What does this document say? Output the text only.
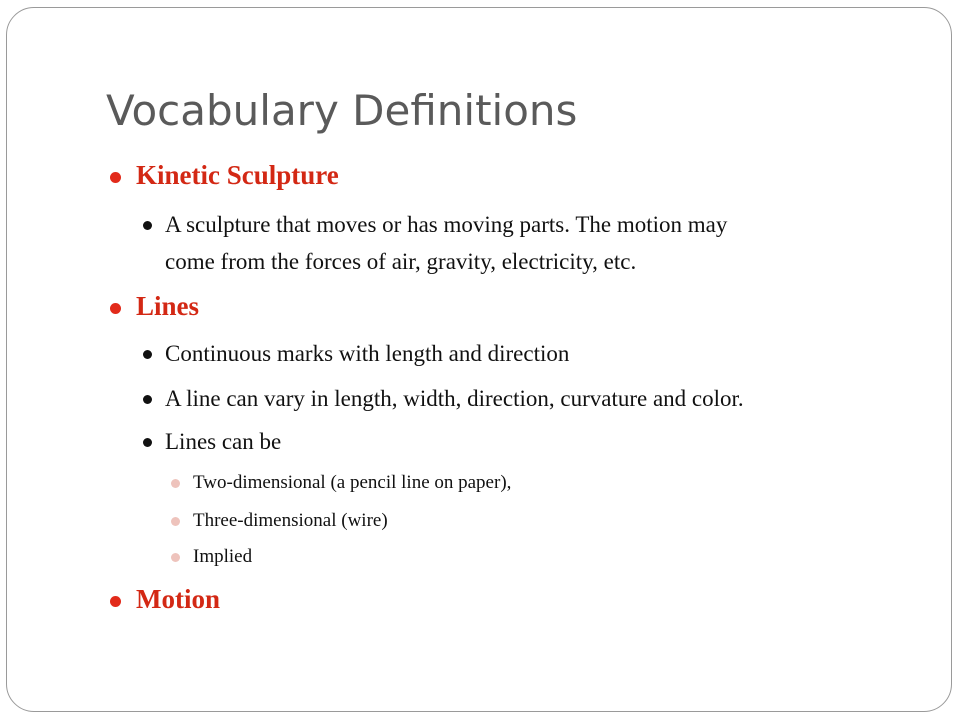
Vocabulary Definitions
Kinetic Sculpture
A sculpture that moves or has moving parts. The motion may
come from the forces of air, gravity, electricity, etc.
Lines
Continuous marks with length and direction
A line can vary in length, width, direction, curvature and color.
Lines can be
Two-dimensional (a pencil line on paper),
Three-dimensional (wire)
Implied
Motion
